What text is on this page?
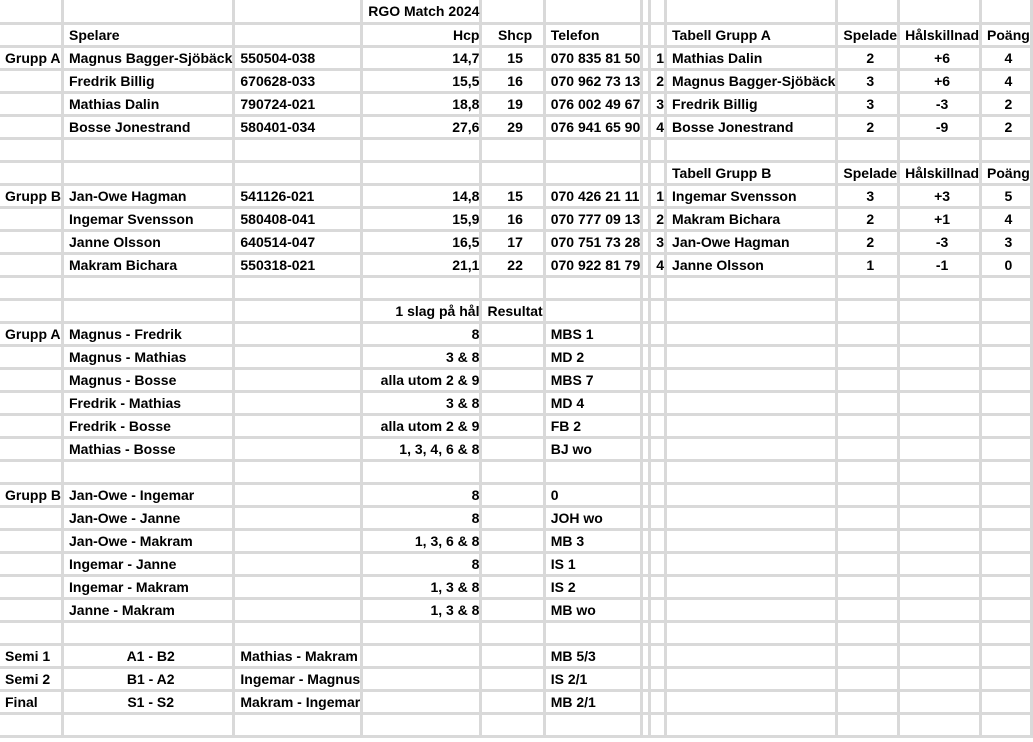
			RGO Match 2024								
	Spelare		Hcp	Shcp	Telefon			Tabell Grupp A	Spelade	Hålskillnad	Poäng
Grupp A	Magnus Bagger-Sjöbäck	550504-038	14,7	15	070 835 81 50		1	Mathias Dalin	2	+6	4
	Fredrik Billig	670628-033	15,5	16	070 962 73 13		2	Magnus Bagger-Sjöbäck	3	+6	4
	Mathias Dalin	790724-021	18,8	19	076 002 49 67		3	Fredrik Billig	3	-3	2
	Bosse Jonestrand	580401-034	27,6	29	076 941 65 90		4	Bosse Jonestrand	2	-9	2

								Tabell Grupp B	Spelade	Hålskillnad	Poäng
Grupp B	Jan-Owe Hagman	541126-021	14,8	15	070 426 21 11		1	Ingemar Svensson	3	+3	5
	Ingemar Svensson	580408-041	15,9	16	070 777 09 13		2	Makram Bichara	2	+1	4
	Janne Olsson	640514-047	16,5	17	070 751 73 28		3	Jan-Owe Hagman	2	-3	3
	Makram Bichara	550318-021	21,1	22	070 922 81 79		4	Janne Olsson	1	-1	0

			1 slag på hål	Resultat							
Grupp A	Magnus - Fredrik		8		MBS 1						
	Magnus - Mathias		3 & 8		MD 2						
	Magnus - Bosse		alla utom 2 & 9		MBS 7						
	Fredrik - Mathias		3 & 8		MD 4						
	Fredrik - Bosse		alla utom 2 & 9		FB 2						
	Mathias - Bosse		1, 3, 4, 6 & 8		BJ wo						

Grupp B	Jan-Owe - Ingemar		8		0						
	Jan-Owe - Janne		8		JOH wo						
	Jan-Owe - Makram		1, 3, 6 & 8		MB 3						
	Ingemar - Janne		8		IS 1						
	Ingemar - Makram		1, 3 & 8		IS 2						
	Janne - Makram		1, 3 & 8		MB wo						

Semi 1	A1 - B2	Mathias - Makram			MB 5/3						
Semi 2	B1 - A2	Ingemar - Magnus			IS 2/1						
Final	S1 - S2	Makram - Ingemar			MB 2/1						
